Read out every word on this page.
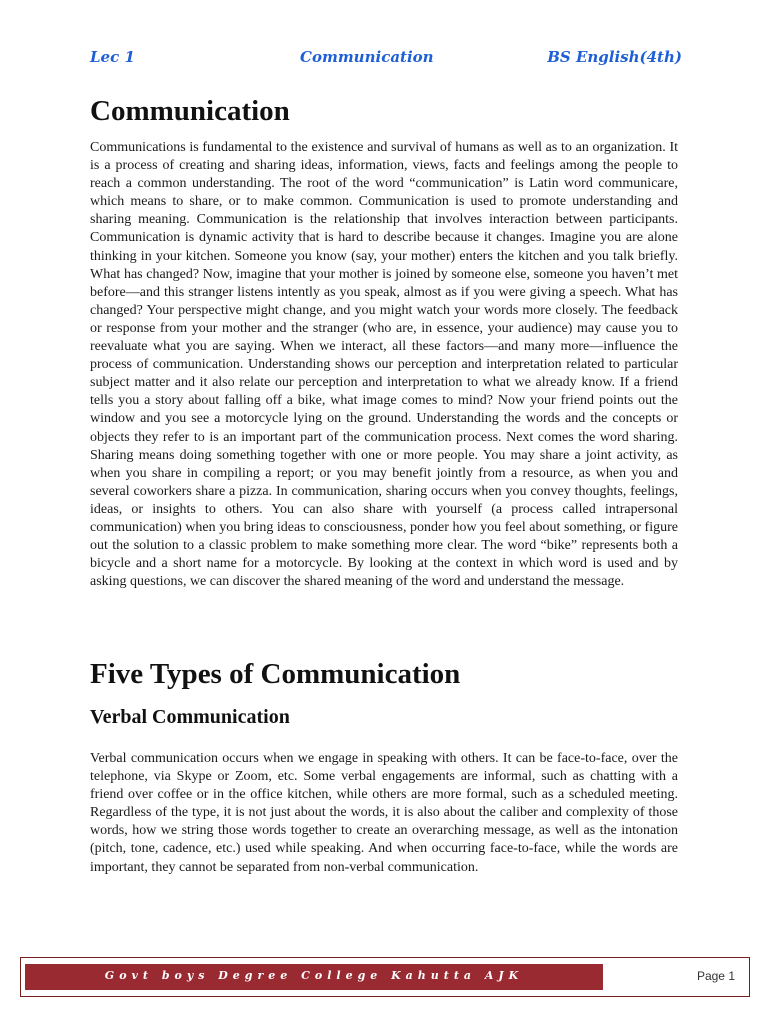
Lec 1	Communication	BS English(4th)
Communication

Communications is fundamental to the existence and survival of humans as well as to an organization. It is a process of creating and sharing ideas, information, views, facts and feelings among the people to reach a common understanding. The root of the word “communication” is Latin word communicare, which means to share, or to make common. Communication is used to promote understanding and sharing meaning. Communication is the relationship that involves interaction between participants. Communication is dynamic activity that is hard to describe because it changes. Imagine you are alone thinking in your kitchen. Someone you know (say, your mother) enters the kitchen and you talk briefly. What has changed? Now, imagine that your mother is joined by someone else, someone you haven’t met before—and this stranger listens intently as you speak, almost as if you were giving a speech. What has changed? Your perspective might change, and you might watch your words more closely. The feedback or response from your mother and the stranger (who are, in essence, your audience) may cause you to reevaluate what you are saying. When we interact, all these factors—and many more—influence the process of communication. Understanding shows our perception and interpretation related to particular subject matter and it also relate our perception and interpretation to what we already know. If a friend tells you a story about falling off a bike, what image comes to mind? Now your friend points out the window and you see a motorcycle lying on the ground. Understanding the words and the concepts or objects they refer to is an important part of the communication process. Next comes the word sharing. Sharing means doing something together with one or more people. You may share a joint activity, as when you share in compiling a report; or you may benefit jointly from a resource, as when you and several coworkers share a pizza. In communication, sharing occurs when you convey thoughts, feelings, ideas, or insights to others. You can also share with yourself (a process called intrapersonal communication) when you bring ideas to consciousness, ponder how you feel about something, or figure out the solution to a classic problem to make something more clear. The word “bike” represents both a bicycle and a short name for a motorcycle. By looking at the context in which word is used and by asking questions, we can discover the shared meaning of the word and understand the message.

Five Types of Communication
Verbal Communication

Verbal communication occurs when we engage in speaking with others. It can be face-to-face, over the telephone, via Skype or Zoom, etc. Some verbal engagements are informal, such as chatting with a friend over coffee or in the office kitchen, while others are more formal, such as a scheduled meeting. Regardless of the type, it is not just about the words, it is also about the caliber and complexity of those words, how we string those words together to create an overarching message, as well as the intonation (pitch, tone, cadence, etc.) used while speaking. And when occurring face-to-face, while the words are important, they cannot be separated from non-verbal communication.

Govt boys Degree College Kahutta AJK	Page 1
